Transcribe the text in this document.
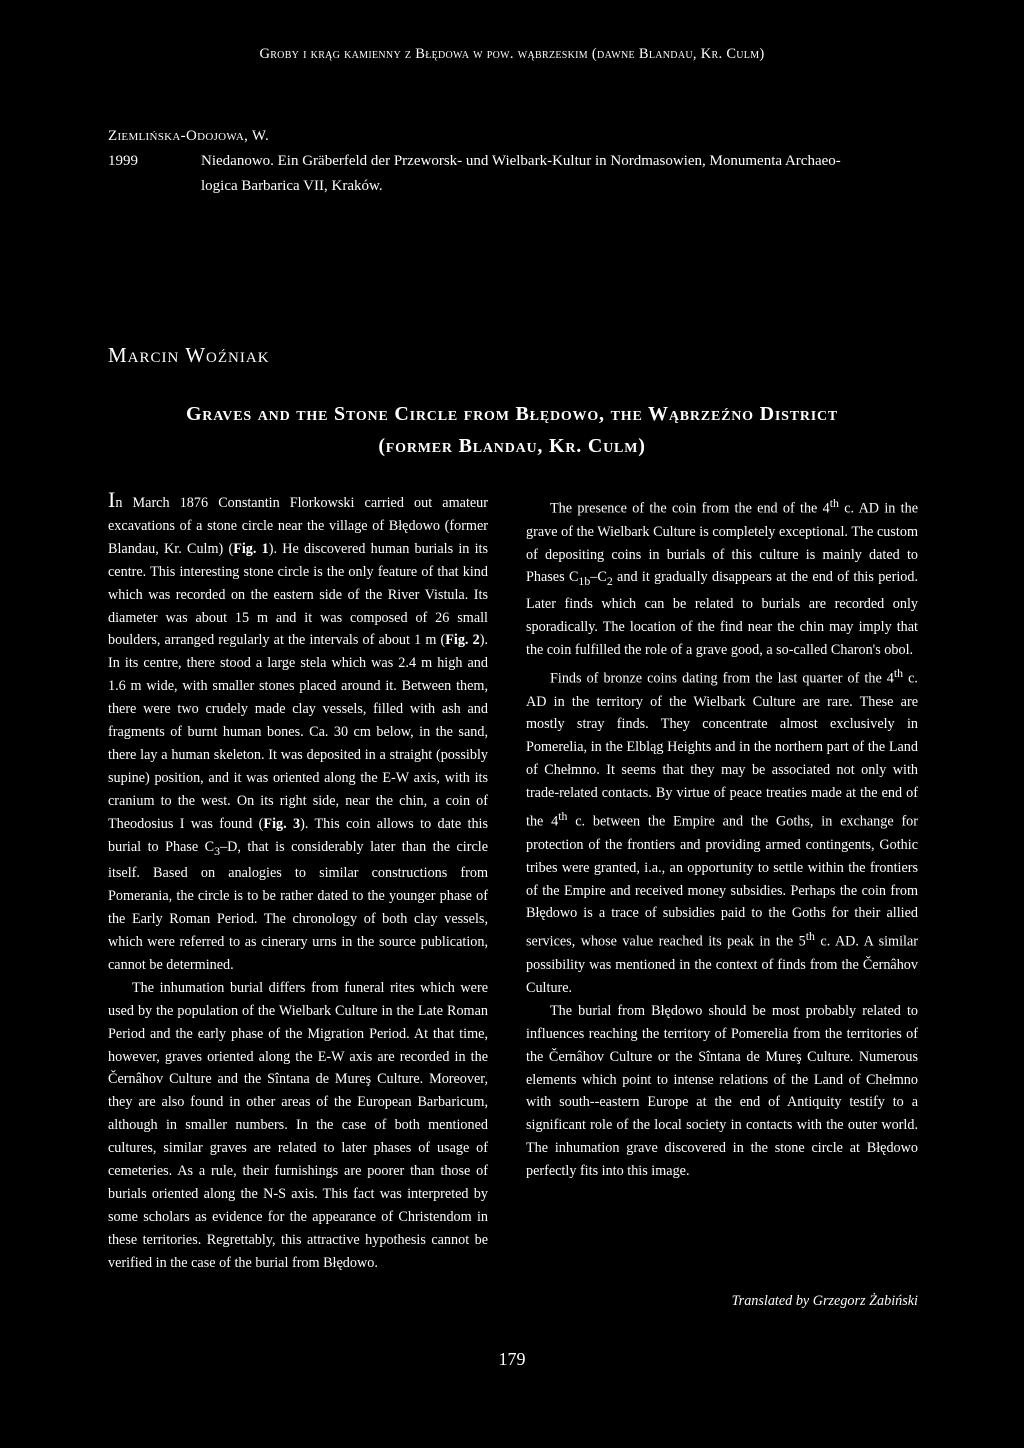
Groby i krąg kamienny z Błędowa w pow. wąbrzeskim (dawne Blandau, Kr. Culm)
Ziemlińska-Odojowa, W.
1999	Niedanowo. Ein Gräberfeld der Przeworsk- und Wielbark-Kultur in Nordmasowien, Monumenta Archaeo-
logica Barbarica VII, Kraków.
Marcin Woźniak
Graves and the Stone Circle from Błędowo, the Wąbrzeźno District
(former Blandau, Kr. Culm)

In March 1876 Constantin Florkowski carried out amateur excavations of a stone circle near the village of Błędowo (former Blandau, Kr. Culm) (Fig. 1). He discovered human burials in its centre. This interesting stone circle is the only feature of that kind which was recorded on the eastern side of the River Vistula. Its diameter was about 15 m and it was composed of 26 small boulders, arranged regularly at the intervals of about 1 m (Fig. 2). In its centre, there stood a large stela which was 2.4 m high and 1.6 m wide, with smaller stones placed around it. Between them, there were two crudely made clay vessels, filled with ash and fragments of burnt human bones. Ca. 30 cm below, in the sand, there lay a human skeleton. It was deposited in a straight (possibly supine) position, and it was oriented along the E-W axis, with its cranium to the west. On its right side, near the chin, a coin of Theodosius I was found (Fig. 3). This coin allows to date this burial to Phase $C_3-D$, that is considerably later than the circle itself. Based on analogies to similar constructions from Pomerania, the circle is to be rather dated to the younger phase of the Early Roman Period. The chronology of both clay vessels, which were referred to as cinerary urns in the source publication, cannot be determined.

The inhumation burial differs from funeral rites which were used by the population of the Wielbark Culture in the Late Roman Period and the early phase of the Migration Period. At that time, however, graves oriented along the E-W axis are recorded in the Černâhov Culture and the Sîntana de Mureş Culture. Moreover, they are also found in other areas of the European Barbaricum, although in smaller numbers. In the case of both mentioned cultures, similar graves are related to later phases of usage of cemeteries. As a rule, their furnishings are poorer than those of burials oriented along the N-S axis. This fact was interpreted by some scholars as evidence for the appearance of Christendom in these territories. Regrettably, this attractive hypothesis cannot be verified in the case of the burial from Błędowo.

The presence of the coin from the end of the 4th c. AD in the grave of the Wielbark Culture is completely exceptional. The custom of depositing coins in burials of this culture is mainly dated to Phases $C_{1b}-C_2$ and it gradually disappears at the end of this period. Later finds which can be related to burials are recorded only sporadically. The location of the find near the chin may imply that the coin fulfilled the role of a grave good, a so-called Charon's obol.

Finds of bronze coins dating from the last quarter of the 4th c. AD in the territory of the Wielbark Culture are rare. These are mostly stray finds. They concentrate almost exclusively in Pomerelia, in the Elbląg Heights and in the northern part of the Land of Chełmno. It seems that they may be associated not only with trade-related contacts. By virtue of peace treaties made at the end of the 4th c. between the Empire and the Goths, in exchange for protection of the frontiers and providing armed contingents, Gothic tribes were granted, i.a., an opportunity to settle within the frontiers of the Empire and received money subsidies. Perhaps the coin from Błędowo is a trace of subsidies paid to the Goths for their allied services, whose value reached its peak in the 5th c. AD. A similar possibility was mentioned in the context of finds from the Černâhov Culture.

The burial from Błędowo should be most probably related to influences reaching the territory of Pomerelia from the territories of the Černâhov Culture or the Sîntana de Mureş Culture. Numerous elements which point to intense relations of the Land of Chełmno with south--eastern Europe at the end of Antiquity testify to a significant role of the local society in contacts with the outer world. The inhumation grave discovered in the stone circle at Błędowo perfectly fits into this image.

Translated by Grzegorz Żabiński
179
